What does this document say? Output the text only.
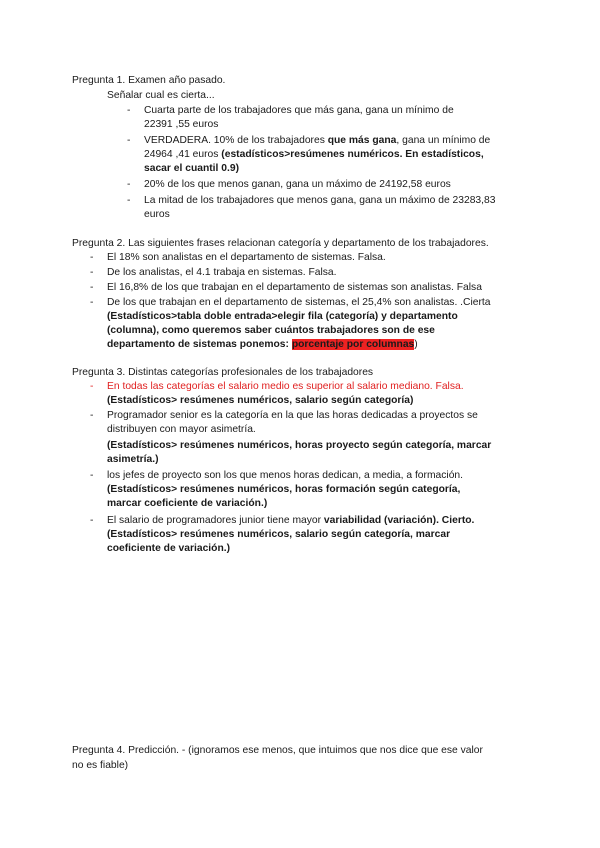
Pregunta 1. Examen año pasado.
Señalar cual es cierta...
-	Cuarta parte de los trabajadores que más gana, gana un mínimo de
22391 ,55 euros
-	VERDADERA. 10% de los trabajadores que más gana, gana un mínimo de
24964 ,41 euros (estadísticos>resúmenes numéricos. En estadísticos,
sacar el cuantil 0.9)
-	20% de los que menos ganan, gana un máximo de 24192,58 euros
-	La mitad de los trabajadores que menos gana, gana un máximo de 23283,83
euros
Pregunta 2. Las siguientes frases relacionan categoría y departamento de los trabajadores.
-	El 18% son analistas en el departamento de sistemas. Falsa.
-	De los analistas, el 4.1 trabaja en sistemas. Falsa.
-	El 16,8% de los que trabajan en el departamento de sistemas son analistas. Falsa
-	De los que trabajan en el departamento de sistemas, el 25,4% son analistas. .Cierta
(Estadísticos>tabla doble entrada>elegir fila (categoría) y departamento
(columna), como queremos saber cuántos trabajadores son de ese
departamento de sistemas ponemos: porcentaje por columnas)
Pregunta 3. Distintas categorías profesionales de los trabajadores
-	En todas las categorías el salario medio es superior al salario mediano. Falsa.
(Estadísticos> resúmenes numéricos, salario según categoría)
-	Programador senior es la categoría en la que las horas dedicadas a proyectos se
distribuyen con mayor asimetría.
(Estadísticos> resúmenes numéricos, horas proyecto según categoría, marcar
asimetría.)
-	los jefes de proyecto son los que menos horas dedican, a media, a formación.
(Estadísticos> resúmenes numéricos, horas formación según categoría,
marcar coeficiente de variación.)
-	El salario de programadores junior tiene mayor variabilidad (variación). Cierto.
(Estadísticos> resúmenes numéricos, salario según categoría, marcar
coeficiente de variación.)
Pregunta 4. Predicción. - (ignoramos ese menos, que intuimos que nos dice que ese valor
no es fiable)
